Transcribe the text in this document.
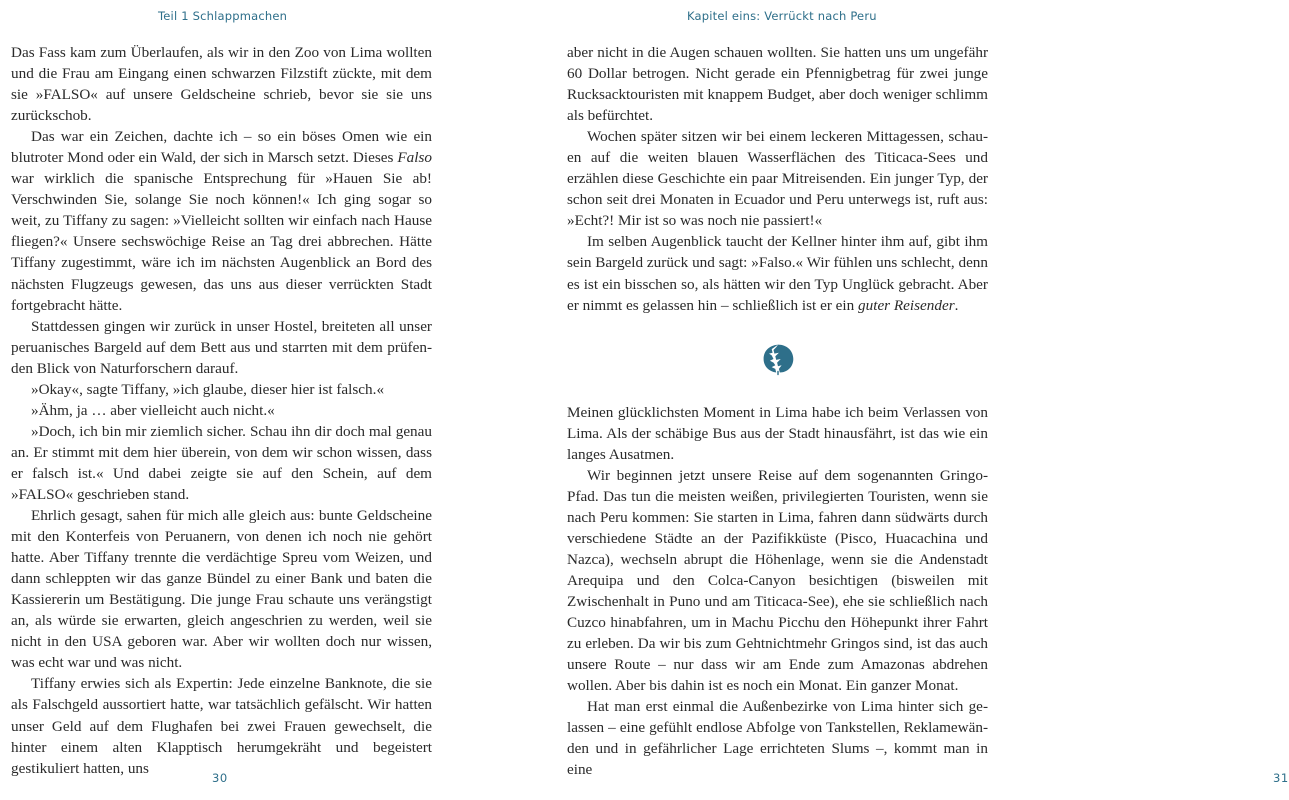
Teil 1 Schlappmachen

Das Fass kam zum Überlaufen, als wir in den Zoo von Lima wollten und die Frau am Eingang einen schwarzen Filzstift zückte, mit dem sie »FALSO« auf unsere Geldscheine schrieb, bevor sie sie uns zurückschob.

Das war ein Zeichen, dachte ich – so ein böses Omen wie ein blutroter Mond oder ein Wald, der sich in Marsch setzt. Dieses Falso war wirklich die spanische Entsprechung für »Hauen Sie ab! Verschwinden Sie, solange Sie noch können!« Ich ging sogar so weit, zu Tiffany zu sagen: »Vielleicht sollten wir einfach nach Hause fliegen?« Unsere sechswöchige Reise an Tag drei abbrechen. Hätte Tiffany zugestimmt, wäre ich im nächsten Augenblick an Bord des nächsten Flugzeugs gewesen, das uns aus dieser verrückten Stadt fortgebracht hätte.

Stattdessen gingen wir zurück in unser Hostel, breiteten all unser peruanisches Bargeld auf dem Bett aus und starrten mit dem prüfenden Blick von Naturforschern darauf.

»Okay«, sagte Tiffany, »ich glaube, dieser hier ist falsch.«

»Ähm, ja … aber vielleicht auch nicht.«

»Doch, ich bin mir ziemlich sicher. Schau ihn dir doch mal genau an. Er stimmt mit dem hier überein, von dem wir schon wissen, dass er falsch ist.« Und dabei zeigte sie auf den Schein, auf dem »FALSO« geschrieben stand.

Ehrlich gesagt, sahen für mich alle gleich aus: bunte Geldscheine mit den Konterfeis von Peruanern, von denen ich noch nie gehört hatte. Aber Tiffany trennte die verdächtige Spreu vom Weizen, und dann schleppten wir das ganze Bündel zu einer Bank und baten die Kassiererin um Bestätigung. Die junge Frau schaute uns verängstigt an, als würde sie erwarten, gleich angeschrien zu werden, weil sie nicht in den USA geboren war. Aber wir wollten doch nur wissen, was echt war und was nicht.

Tiffany erwies sich als Expertin: Jede einzelne Banknote, die sie als Falschgeld aussortiert hatte, war tatsächlich gefälscht. Wir hatten unser Geld auf dem Flughafen bei zwei Frauen gewechselt, die hinter einem alten Klapptisch herumgekräht und begeistert gestikuliert hatten, uns

30
Kapitel eins: Verrückt nach Peru

aber nicht in die Augen schauen wollten. Sie hatten uns um ungefähr 60 Dollar betrogen. Nicht gerade ein Pfennigbetrag für zwei junge Rucksacktouristen mit knappem Budget, aber doch weniger schlimm als befürchtet.

Wochen später sitzen wir bei einem leckeren Mittagessen, schauen auf die weiten blauen Wasserflächen des Titicaca-Sees und erzählen diese Geschichte ein paar Mitreisenden. Ein junger Typ, der schon seit drei Monaten in Ecuador und Peru unterwegs ist, ruft aus: »Echt?! Mir ist so was noch nie passiert!«

Im selben Augenblick taucht der Kellner hinter ihm auf, gibt ihm sein Bargeld zurück und sagt: »Falso.« Wir fühlen uns schlecht, denn es ist ein bisschen so, als hätten wir den Typ Unglück gebracht. Aber er nimmt es gelassen hin – schließlich ist er ein guter Reisender.

Meinen glücklichsten Moment in Lima habe ich beim Verlassen von Lima. Als der schäbige Bus aus der Stadt hinausfährt, ist das wie ein langes Ausatmen.

Wir beginnen jetzt unsere Reise auf dem sogenannten Gringo-Pfad. Das tun die meisten weißen, privilegierten Touristen, wenn sie nach Peru kommen: Sie starten in Lima, fahren dann südwärts durch verschiedene Städte an der Pazifikküste (Pisco, Huacachina und Nazca), wechseln abrupt die Höhenlage, wenn sie die Andenstadt Arequipa und den Colca-Canyon besichtigen (bisweilen mit Zwischenhalt in Puno und am Titicaca-See), ehe sie schließlich nach Cuzco hinabfahren, um in Machu Picchu den Höhepunkt ihrer Fahrt zu erleben. Da wir bis zum Gehtnichtmehr Gringos sind, ist das auch unsere Route – nur dass wir am Ende zum Amazonas abdrehen wollen. Aber bis dahin ist es noch ein Monat. Ein ganzer Monat.

Hat man erst einmal die Außenbezirke von Lima hinter sich gelassen – eine gefühlt endlose Abfolge von Tankstellen, Reklamewänden und in gefährlicher Lage errichteten Slums –, kommt man in eine	31
